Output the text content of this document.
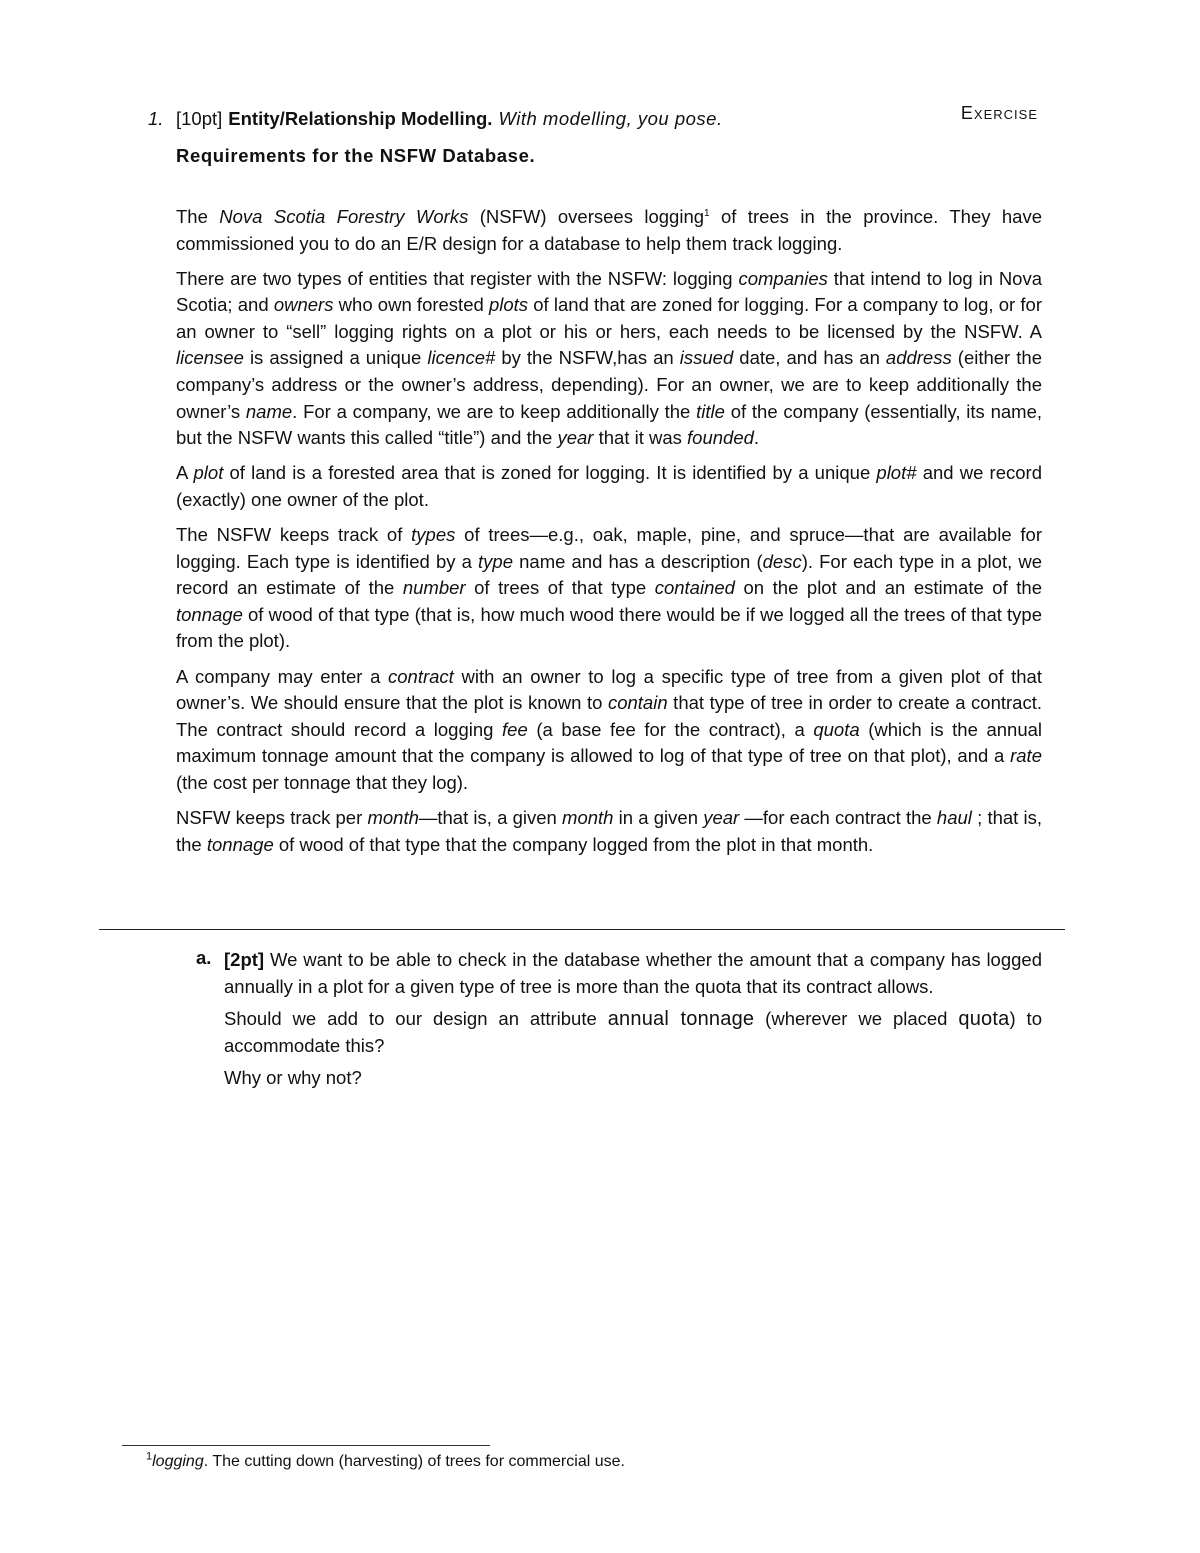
1. [10pt] Entity/Relationship Modelling. With modelling, you pose.	Exercise
Requirements for the NSFW Database.

The Nova Scotia Forestry Works (NSFW) oversees logging$^1$ of trees in the province. They have commissioned you to do an E/R design for a database to help them track logging.

There are two types of entities that register with the NSFW: logging companies that intend to log in Nova Scotia; and owners who own forested plots of land that are zoned for logging. For a company to log, or for an owner to “sell” logging rights on a plot or his or hers, each needs to be licensed by the NSFW. A licensee is assigned a unique licence# by the NSFW,has an issued date, and has an address (either the company’s address or the owner’s address, depending). For an owner, we are to keep additionally the owner’s name. For a company, we are to keep additionally the title of the company (essentially, its name, but the NSFW wants this called “title”) and the year that it was founded.

A plot of land is a forested area that is zoned for logging. It is identified by a unique plot# and we record (exactly) one owner of the plot.

The NSFW keeps track of types of trees—e.g., oak, maple, pine, and spruce—that are available for logging. Each type is identified by a type name and has a description (desc). For each type in a plot, we record an estimate of the number of trees of that type contained on the plot and an estimate of the tonnage of wood of that type (that is, how much wood there would be if we logged all the trees of that type from the plot).

A company may enter a contract with an owner to log a specific type of tree from a given plot of that owner’s. We should ensure that the plot is known to contain that type of tree in order to create a contract. The contract should record a logging fee (a base fee for the contract), a quota (which is the annual maximum tonnage amount that the company is allowed to log of that type of tree on that plot), and a rate (the cost per tonnage that they log).

NSFW keeps track per month—that is, a given month in a given year —for each contract the haul ; that is, the tonnage of wood of that type that the company logged from the plot in that month.

a. [2pt] We want to be able to check in the database whether the amount that a company has logged annually in a plot for a given type of tree is more than the quota that its contract allows.

Should we add to our design an attribute annual tonnage (wherever we placed quota) to accommodate this?

Why or why not?

$^1$logging. The cutting down (harvesting) of trees for commercial use.
